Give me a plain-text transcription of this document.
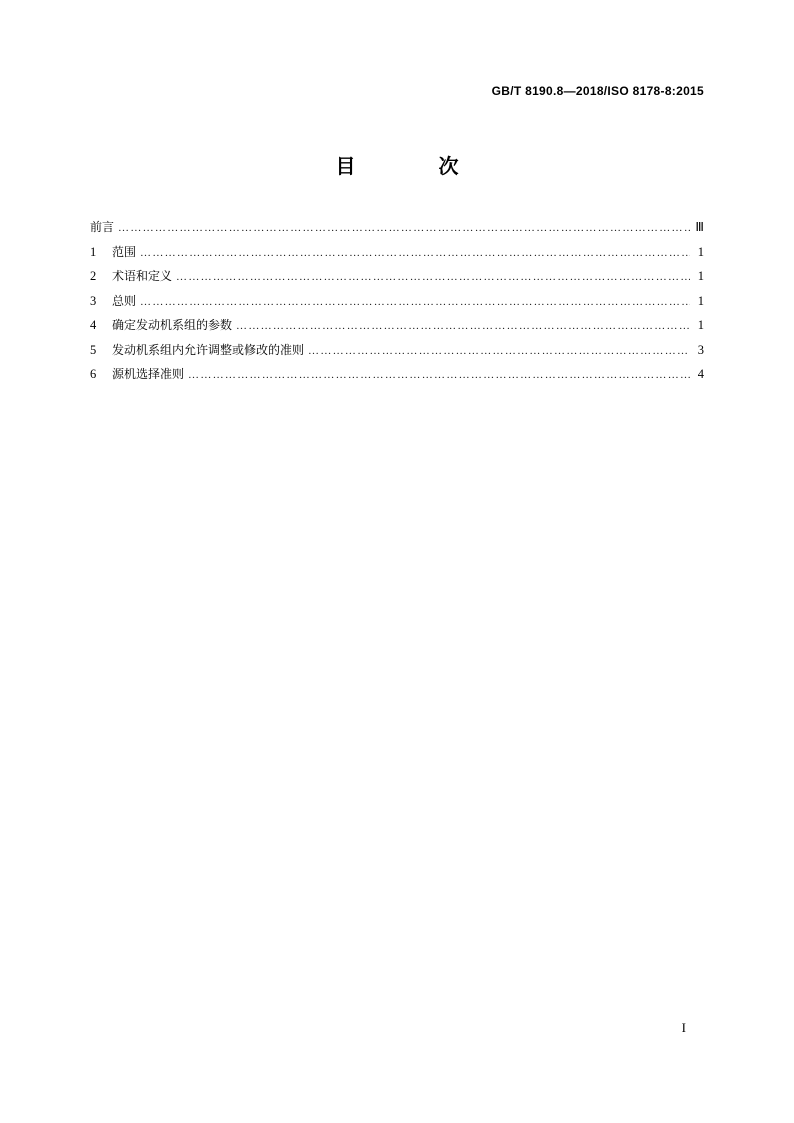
GB/T 8190.8—2018/ISO 8178-8:2015
目 次
前言 ………………………………………………………………………………………………………………………………………………………………………………………………………………	Ⅲ
1	范围 ………………………………………………………………………………………………………………………………………………………………………………………………………………	1
2	术语和定义 ………………………………………………………………………………………………………………………………………………………………………………………………………………	1
3	总则 ………………………………………………………………………………………………………………………………………………………………………………………………………………	1
4	确定发动机系组的参数 ………………………………………………………………………………………………………………………………………………………………………………………………………………	1
5	发动机系组内允许调整或修改的准则 ………………………………………………………………………………………………………………………………………………………………………………………………………………	3
6	源机选择准则 ………………………………………………………………………………………………………………………………………………………………………………………………………………	4
I
